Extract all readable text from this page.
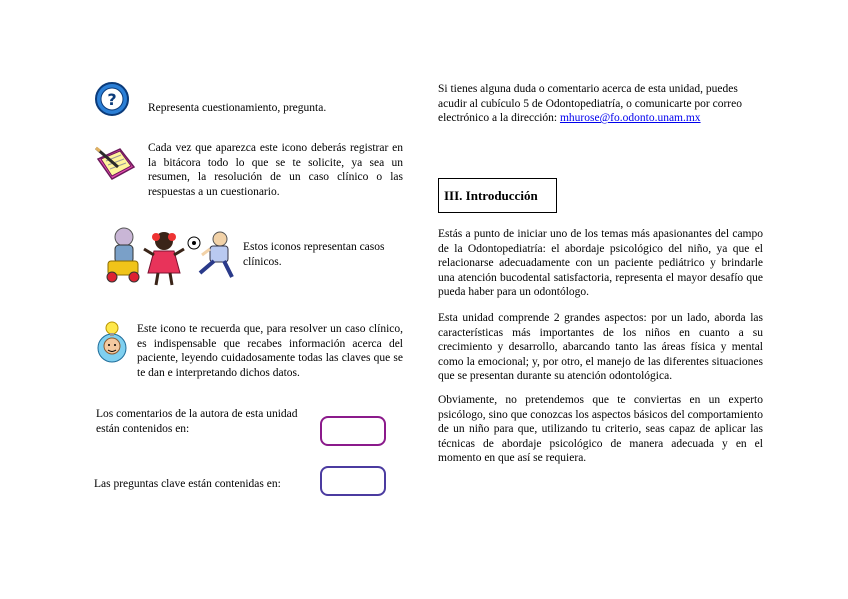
?	Representa cuestionamiento, pregunta.
Cada vez que aparezca este icono deberás registrar en la bitácora todo lo que se te solicite, ya sea un resumen, la resolución de un caso clínico o las respuestas a un cuestionario.
Estos iconos representan casos clínicos.
Este icono te recuerda que, para resolver un caso clínico, es indispensable que recabes información acerca del paciente, leyendo cuidadosamente todas las claves que se te dan e interpretando dichos datos.
Los comentarios de la autora de esta unidad están contenidos en:
Las preguntas clave están contenidas en:
Si tienes alguna duda o comentario acerca de esta unidad, puedes acudir al cubículo 5 de Odontopediatría, o comunicarte por correo electrónico a la dirección: mhurose@fo.odonto.unam.mx
III. Introducción
Estás a punto de iniciar uno de los temas más apasionantes del campo de la Odontopediatría: el abordaje psicológico del niño, ya que el relacionarse adecuadamente con un paciente pediátrico y brindarle una atención bucodental satisfactoria, representa el mayor desafío que pueda haber para un odontólogo.
Esta unidad comprende 2 grandes aspectos: por un lado, aborda las características más importantes de los niños en cuanto a su crecimiento y desarrollo, abarcando tanto las áreas física y mental como la emocional; y, por otro, el manejo de las diferentes situaciones que se presentan durante su atención odontológica.
Obviamente, no pretendemos que te conviertas en un experto psicólogo, sino que conozcas los aspectos básicos del comportamiento de un niño para que, utilizando tu criterio, seas capaz de aplicar las técnicas de abordaje psicológico de manera adecuada y en el momento en que así se requiera.
